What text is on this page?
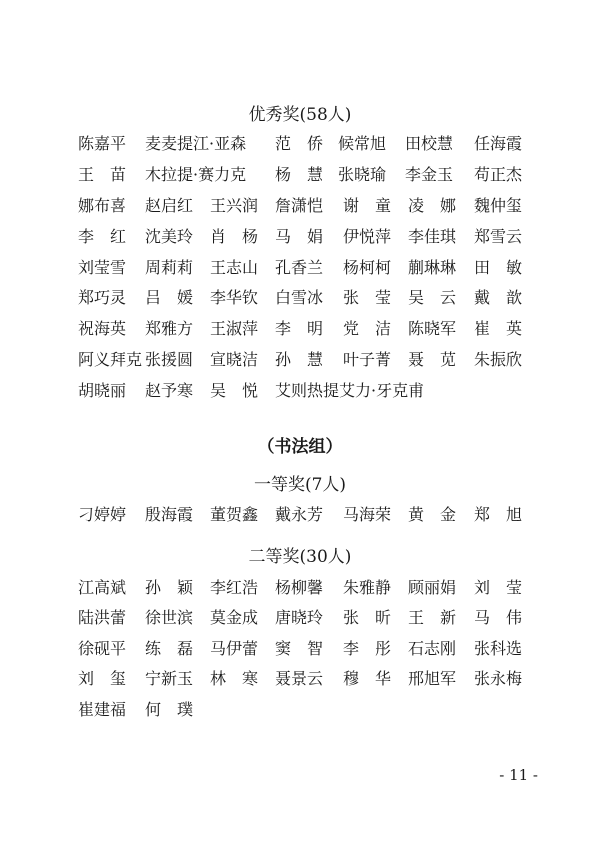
优秀奖(58人)
陈嘉平	麦麦提江·亚森	范　侨 候常旭	田校慧	任海霞
王　苗	木拉提·赛力克	杨　慧 张晓瑜	李金玉	苟正杰
娜布喜	赵启红	王兴润	詹潇恺	谢　童	凌　娜	魏仲玺
李　红	沈美玲	肖　杨	马　娟	伊悦萍	李佳琪	郑雪云
刘莹雪	周莉莉	王志山	孔香兰	杨柯柯	蒯琳琳	田　敏
郑巧灵	吕　媛	李华钦	白雪冰	张　莹	吴　云	戴　歆
祝海英	郑雅方	王淑萍	李　明	党　洁	陈晓军	崔　英
阿义拜克 张援圆	宣晓洁	孙　慧	叶子菁	聂　苋	朱振欣
胡晓丽	赵予寒	吴　悦	艾则热提艾力·牙克甫
（书法组）
一等奖(7人)
刁婷婷	殷海霞	董贺鑫	戴永芳	马海荣	黄　金	郑　旭
二等奖(30人)
江高斌	孙　颖	李红浩	杨柳馨	朱雅静	顾丽娟	刘　莹
陆洪蕾	徐世滨	莫金成	唐晓玲	张　昕	王　新	马　伟
徐砚平	练　磊	马伊蕾	窦　智	李　彤	石志刚	张科选
刘　玺	宁新玉	林　寒	聂景云	穆　华	邢旭军	张永梅
崔建福	何　璞
- 11 -
